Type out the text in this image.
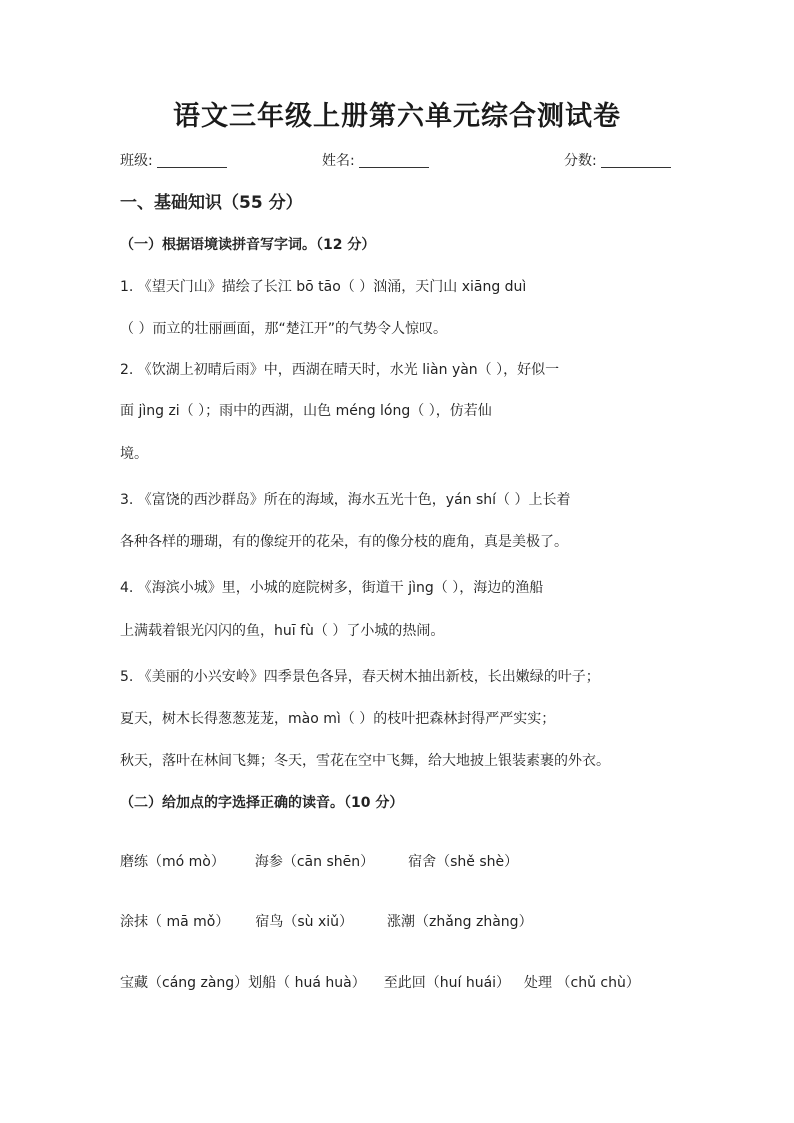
语文三年级上册第六单元综合测试卷
班级:	姓名:	分数:
一、基础知识（55 分）
（一）根据语境读拼音写字词。（12 分）
1. 《望天门山》描绘了长江 bō tāo（ ）汹涌，天门山 xiāng duì
（ ）而立的壮丽画面，那“楚江开”的气势令人惊叹。
2. 《饮湖上初晴后雨》中，西湖在晴天时，水光 liàn yàn（ ），好似一
面 jìng zi（ ）；雨中的西湖，山色 méng lóng（ ），仿若仙
境。
3. 《富饶的西沙群岛》所在的海域，海水五光十色，yán shí（ ）上长着
各种各样的珊瑚，有的像绽开的花朵，有的像分枝的鹿角，真是美极了。
4. 《海滨小城》里，小城的庭院树多，街道干 jìng（ ），海边的渔船
上满载着银光闪闪的鱼，huī fù（ ）了小城的热闹。
5. 《美丽的小兴安岭》四季景色各异，春天树木抽出新枝，长出嫩绿的叶子；
夏天，树木长得葱葱茏茏，mào mì（ ）的枝叶把森林封得严严实实；
秋天，落叶在林间飞舞；冬天，雪花在空中飞舞，给大地披上银装素裹的外衣。
（二）给加点的字选择正确的读音。（10 分）
磨练（mó mò） 海参（cān shēn） 宿舍（shě shè）
涂抹（ mā mǒ） 宿鸟（sù xiǔ） 涨潮（zhǎng zhàng）
宝藏（cáng zàng）划船（ huá huà） 至此回（huí huái） 处理 （chǔ chù）
